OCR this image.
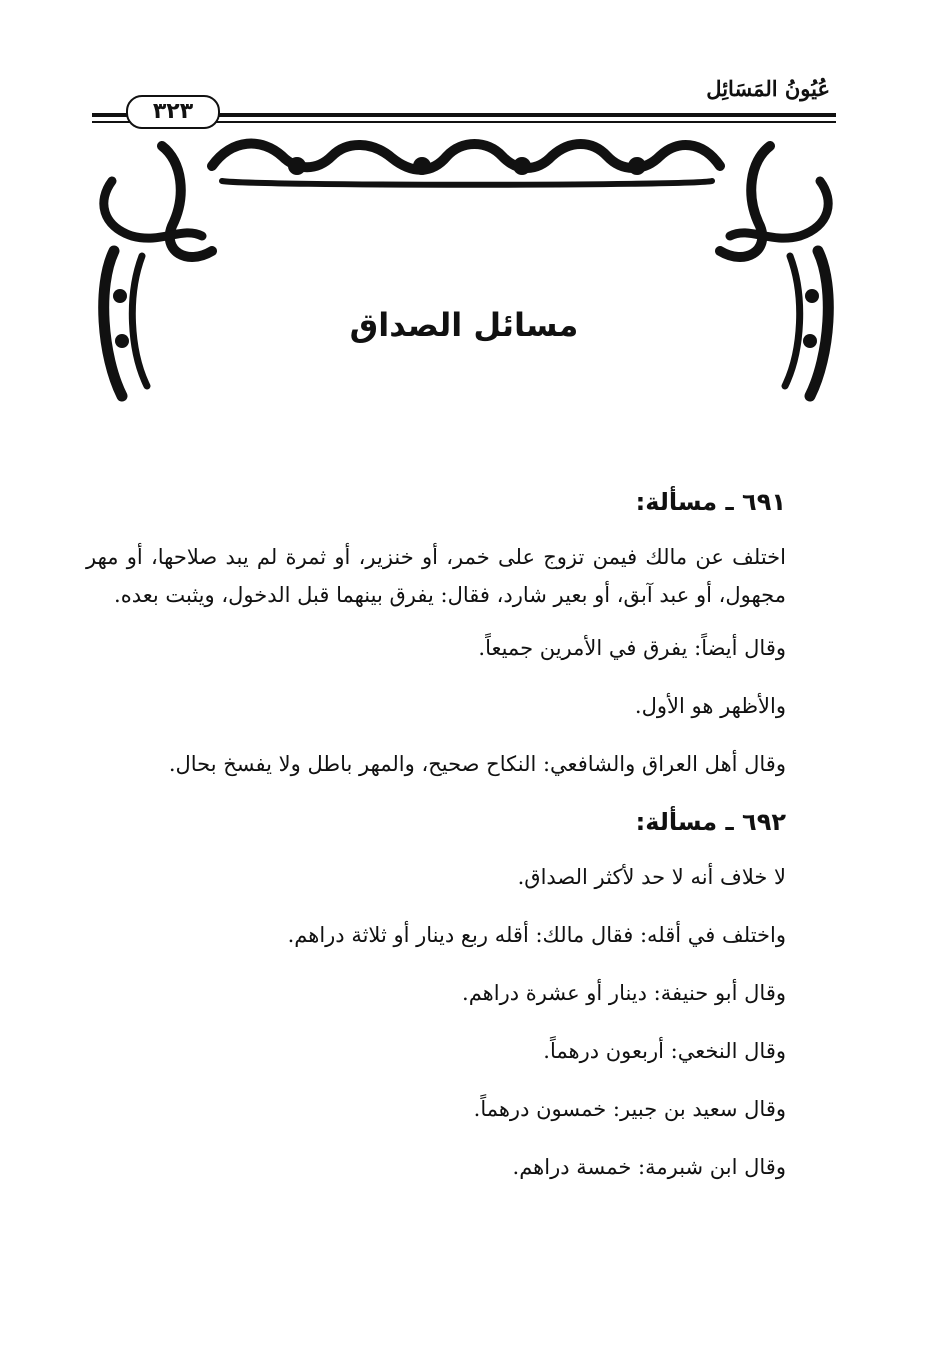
عُيُونُ المَسَائِل
٣٢٣
مسائل الصداق
٦٩١ ـ مسألة:

اختلف عن مالك فيمن تزوج على خمر، أو خنزير، أو ثمرة لم يبد صلاحها، أو مهر مجهول، أو عبد آبق، أو بعير شارد، فقال: يفرق بينهما قبل الدخول، ويثبت بعده.

وقال أيضاً: يفرق في الأمرين جميعاً.

والأظهر هو الأول.

وقال أهل العراق والشافعي: النكاح صحيح، والمهر باطل ولا يفسخ بحال.

٦٩٢ ـ مسألة:

لا خلاف أنه لا حد لأكثر الصداق.

واختلف في أقله: فقال مالك: أقله ربع دينار أو ثلاثة دراهم.

وقال أبو حنيفة: دينار أو عشرة دراهم.

وقال النخعي: أربعون درهماً.

وقال سعيد بن جبير: خمسون درهماً.

وقال ابن شبرمة: خمسة دراهم.
